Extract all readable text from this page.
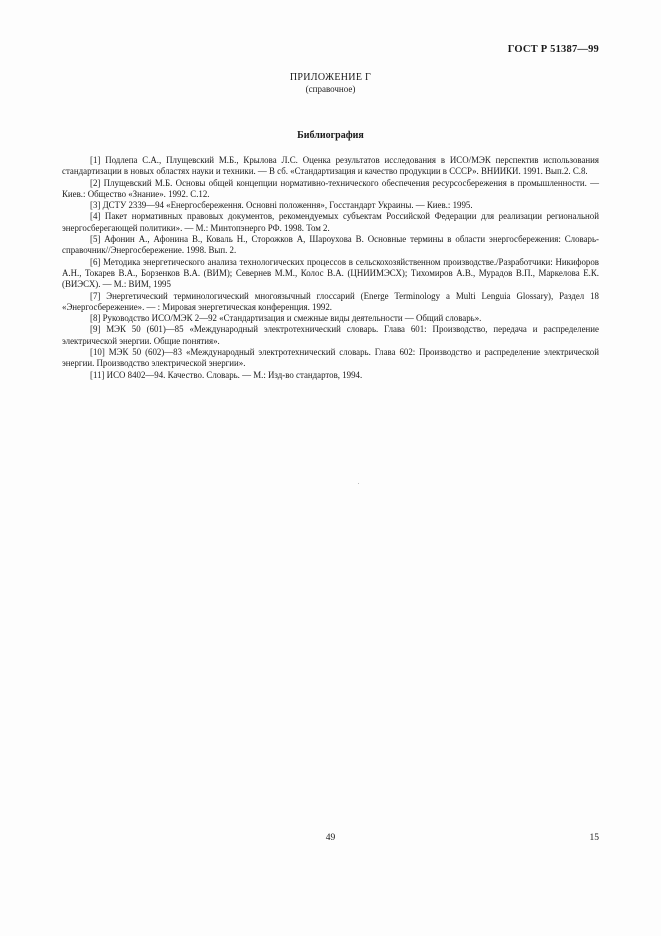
ГОСТ Р 51387—99
ПРИЛОЖЕНИЕ Г
(справочное)
Библиография
[1] Подлепа С.А., Плущевский М.Б., Крылова Л.С. Оценка результатов исследования в ИСО/МЭК перспектив использования стандартизации в новых областях науки и техники. — В сб. «Стандартизация и качество продукции в СССР». ВНИИКИ. 1991. Вып.2. С.8.
[2] Плущевский М.Б. Основы общей концепции нормативно-технического обеспечения ресурсосбережения в промышленности. — Киев.: Общество «Знание». 1992. С.12.
[3] ДСТУ 2339—94 «Енергосбереження. Основні положення», Госстандарт Украины. — Киев.: 1995.
[4] Пакет нормативных правовых документов, рекомендуемых субъектам Российской Федерации для реализации региональной энергосберегающей политики». — М.: Минтопэнерго РФ. 1998. Том 2.
[5] Афонин А., Афонина В., Коваль Н., Сторожков А, Шароухова В. Основные термины в области энергосбережения: Словарь-справочник//Энергосбережение. 1998. Вып. 2.
[6] Методика энергетического анализа технологических процессов в сельскохозяйственном производстве./Разработчики: Никифоров А.Н., Токарев В.А., Борзенков В.А. (ВИМ); Севернев М.М., Колос В.А. (ЦНИИМЭСХ); Тихомиров А.В., Мурадов В.П., Маркелова Е.К. (ВИЭСХ). — М.: ВИМ, 1995
[7] Энергетический терминологический многоязычный глоссарий (Energe Terminology a Multi Lenguia Glossary), Раздел 18 «Энергосбережение». — : Мировая энергетическая конференция. 1992.
[8] Руководство ИСО/МЭК 2—92 «Стандартизация и смежные виды деятельности — Общий словарь».
[9] МЭК 50 (601)—85 «Международный электротехнический словарь. Глава 601: Производство, передача и распределение электрической энергии. Общие понятия».
[10] МЭК 50 (602)—83 «Международный электротехнический словарь. Глава 602: Производство и распределение электрической энергии. Производство электрической энергии».
[11] ИСО 8402—94. Качество. Словарь. — М.: Изд-во стандартов, 1994.
49	15
